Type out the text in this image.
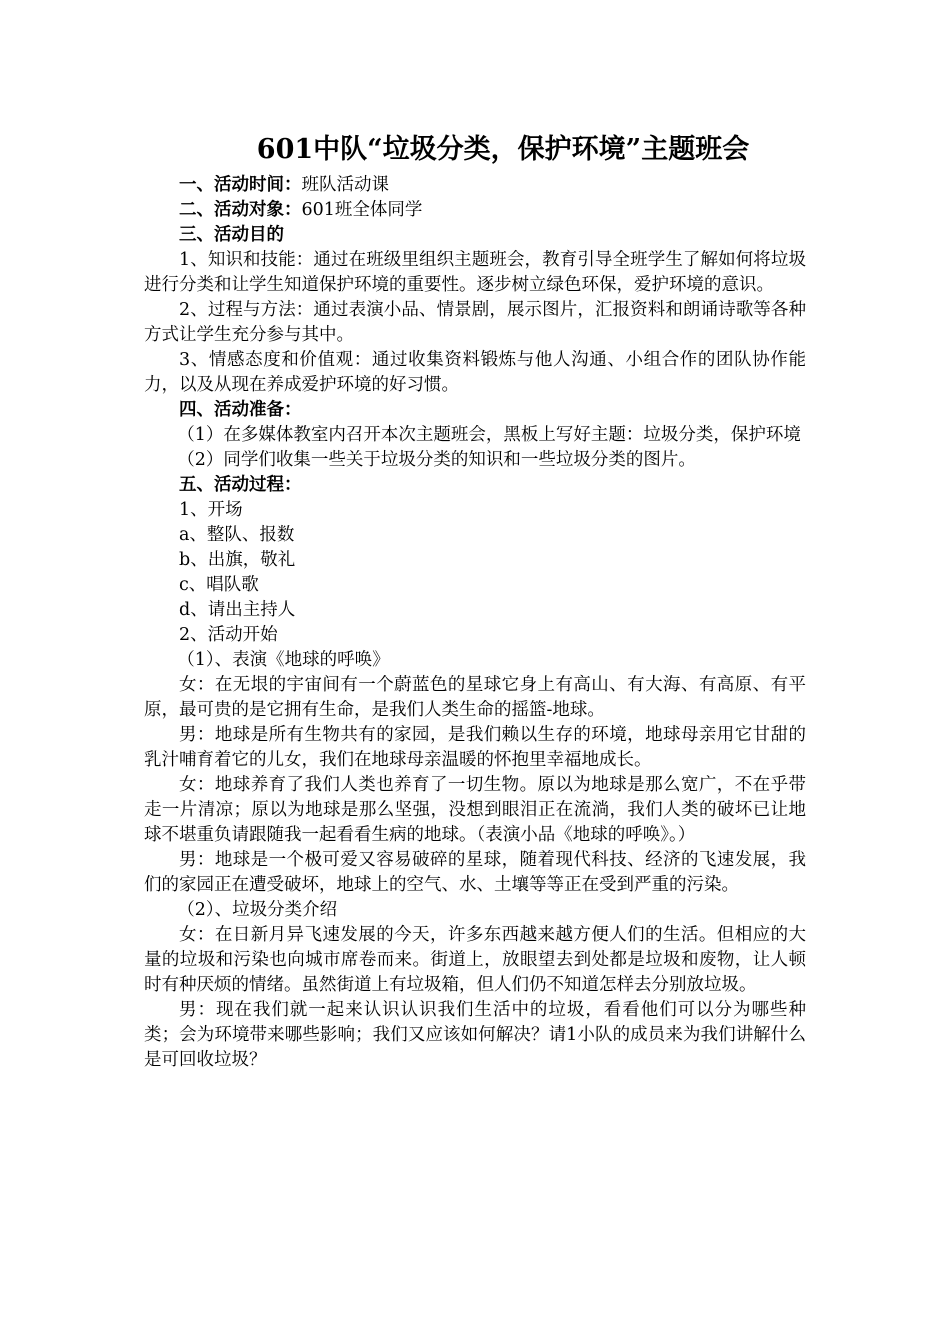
601中队“垃圾分类，保护环境”主题班会

一、活动时间：班队活动课

二、活动对象：601班全体同学

三、活动目的

1、知识和技能：通过在班级里组织主题班会，教育引导全班学生了解如何将垃圾进行分类和让学生知道保护环境的重要性。逐步树立绿色环保，爱护环境的意识。

2、过程与方法：通过表演小品、情景剧，展示图片，汇报资料和朗诵诗歌等各种方式让学生充分参与其中。

3、情感态度和价值观：通过收集资料锻炼与他人沟通、小组合作的团队协作能力，以及从现在养成爱护环境的好习惯。

四、活动准备：

（1）在多媒体教室内召开本次主题班会，黑板上写好主题：垃圾分类，保护环境

（2）同学们收集一些关于垃圾分类的知识和一些垃圾分类的图片。

五、活动过程：

1、开场

a、整队、报数

b、出旗，敬礼

c、唱队歌

d、请出主持人

2、活动开始

（1）、表演《地球的呼唤》

女：在无垠的宇宙间有一个蔚蓝色的星球它身上有高山、有大海、有高原、有平原，最可贵的是它拥有生命，是我们人类生命的摇篮-地球。

男：地球是所有生物共有的家园，是我们赖以生存的环境，地球母亲用它甘甜的乳汁哺育着它的儿女，我们在地球母亲温暖的怀抱里幸福地成长。

女：地球养育了我们人类也养育了一切生物。原以为地球是那么宽广，不在乎带走一片清凉；原以为地球是那么坚强，没想到眼泪正在流淌，我们人类的破坏已让地球不堪重负请跟随我一起看看生病的地球。（表演小品《地球的呼唤》。）

男：地球是一个极可爱又容易破碎的星球，随着现代科技、经济的飞速发展，我们的家园正在遭受破坏，地球上的空气、水、土壤等等正在受到严重的污染。

（2）、垃圾分类介绍

女：在日新月异飞速发展的今天，许多东西越来越方便人们的生活。但相应的大量的垃圾和污染也向城市席卷而来。街道上，放眼望去到处都是垃圾和废物，让人顿时有种厌烦的情绪。虽然街道上有垃圾箱，但人们仍不知道怎样去分别放垃圾。

男：现在我们就一起来认识认识我们生活中的垃圾，看看他们可以分为哪些种类；会为环境带来哪些影响；我们又应该如何解决？请1小队的成员来为我们讲解什么是可回收垃圾？
